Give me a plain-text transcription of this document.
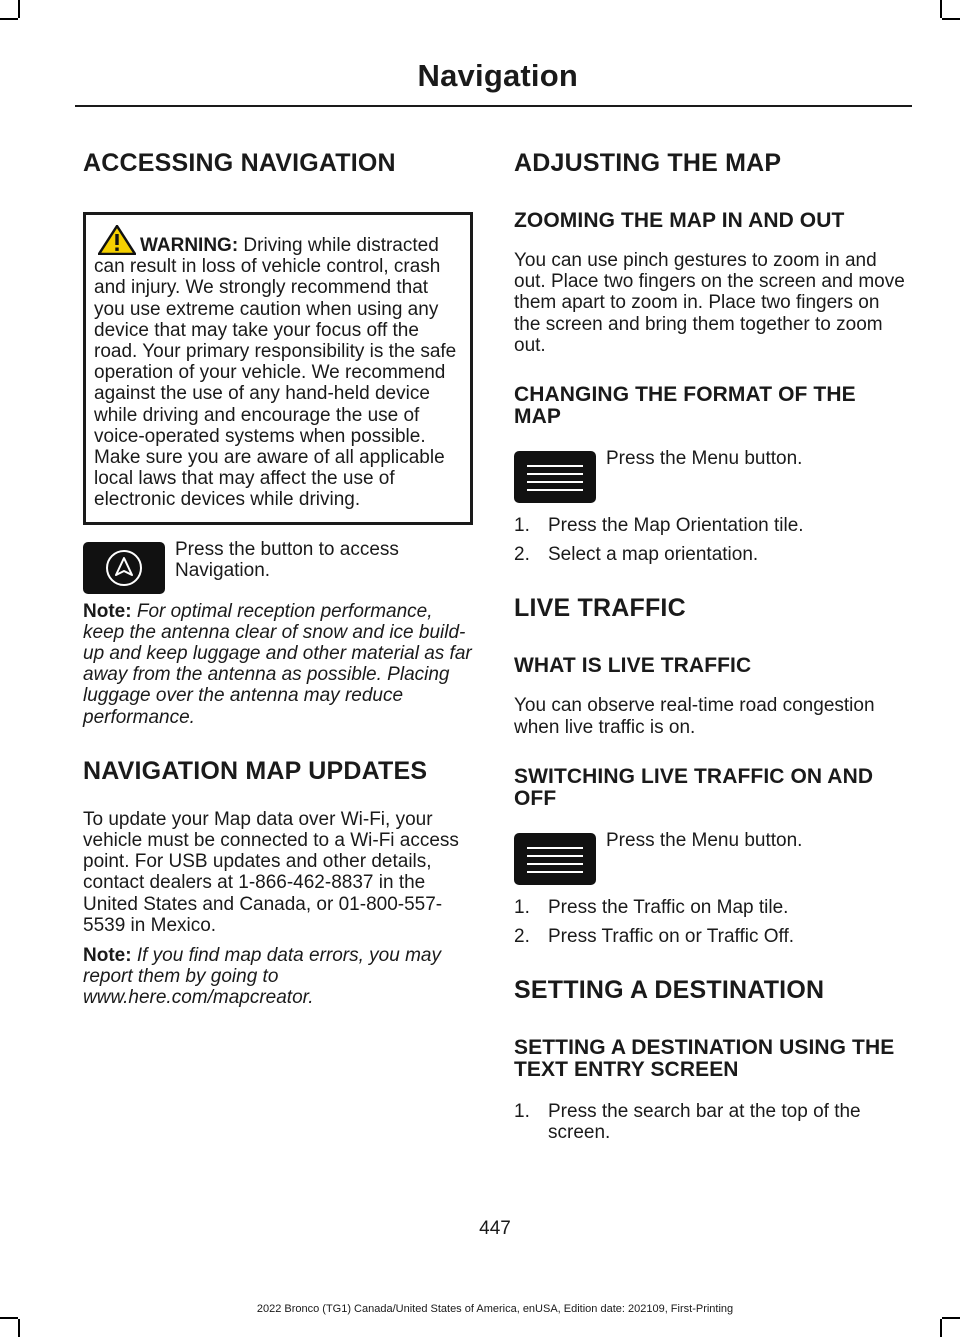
Navigation
ACCESSING NAVIGATION
WARNING: Driving while distracted can result in loss of vehicle control, crash and injury. We strongly recommend that you use extreme caution when using any device that may take your focus off the road. Your primary responsibility is the safe operation of your vehicle. We recommend against the use of any hand-held device while driving and encourage the use of voice-operated systems when possible. Make sure you are aware of all applicable local laws that may affect the use of electronic devices while driving.

Press the button to access Navigation.

Note: For optimal reception performance, keep the antenna clear of snow and ice build-up and keep luggage and other material as far away from the antenna as possible. Placing luggage over the antenna may reduce performance.

NAVIGATION MAP UPDATES

To update your Map data over Wi-Fi, your vehicle must be connected to a Wi-Fi access point. For USB updates and other details, contact dealers at 1-866-462-8837 in the United States and Canada, or 01-800-557-5539 in Mexico.

Note: If you find map data errors, you may report them by going to www.here.com/mapcreator.

ADJUSTING THE MAP
ZOOMING THE MAP IN AND OUT

You can use pinch gestures to zoom in and out. Place two fingers on the screen and move them apart to zoom in. Place two fingers on the screen and bring them together to zoom out.

CHANGING THE FORMAT OF THE MAP

Press the Menu button.

1. Press the Map Orientation tile.
2. Select a map orientation.
LIVE TRAFFIC
WHAT IS LIVE TRAFFIC

You can observe real-time road congestion when live traffic is on.

SWITCHING LIVE TRAFFIC ON AND OFF

Press the Menu button.

1. Press the Traffic on Map tile.
2. Press Traffic on or Traffic Off.
SETTING A DESTINATION
SETTING A DESTINATION USING THE TEXT ENTRY SCREEN
1. Press the search bar at the top of the screen.
447
2022 Bronco (TG1) Canada/United States of America, enUSA, Edition date: 202109, First-Printing
